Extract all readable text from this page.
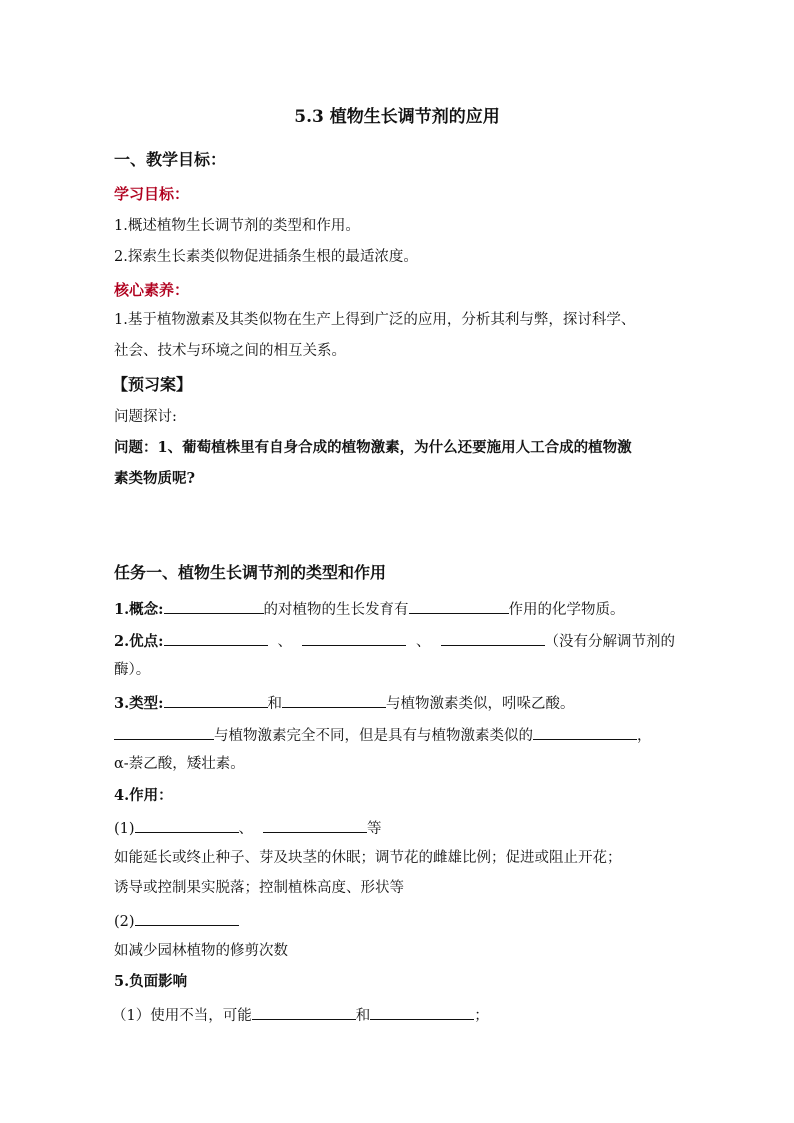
5.3 植物生长调节剂的应用
一、教学目标：
学习目标：
1.概述植物生长调节剂的类型和作用。
2.探索生长素类似物促进插条生根的最适浓度。
核心素养：
1.基于植物激素及其类似物在生产上得到广泛的应用，分析其利与弊，探讨科学、
社会、技术与环境之间的相互关系。
【预习案】
问题探讨:
问题：1、葡萄植株里有自身合成的植物激素，为什么还要施用人工合成的植物激
素类物质呢?
任务一、植物生长调节剂的类型和作用
1.概念:	的对植物的生长发育有	作用的化学物质。
2.优点:	、	、	（没有分解调节剂的
酶）。
3.类型:	和	与植物激素类似，吲哚乙酸。
与植物激素完全不同，但是具有与植物激素类似的	，
α-萘乙酸，矮壮素。
4.作用：
(1)	、	等
如能延长或终止种子、芽及块茎的休眠；调节花的雌雄比例；促进或阻止开花；
诱导或控制果实脱落；控制植株高度、形状等
(2)
如减少园林植物的修剪次数
5.负面影响
（1）使用不当，可能	和	；
